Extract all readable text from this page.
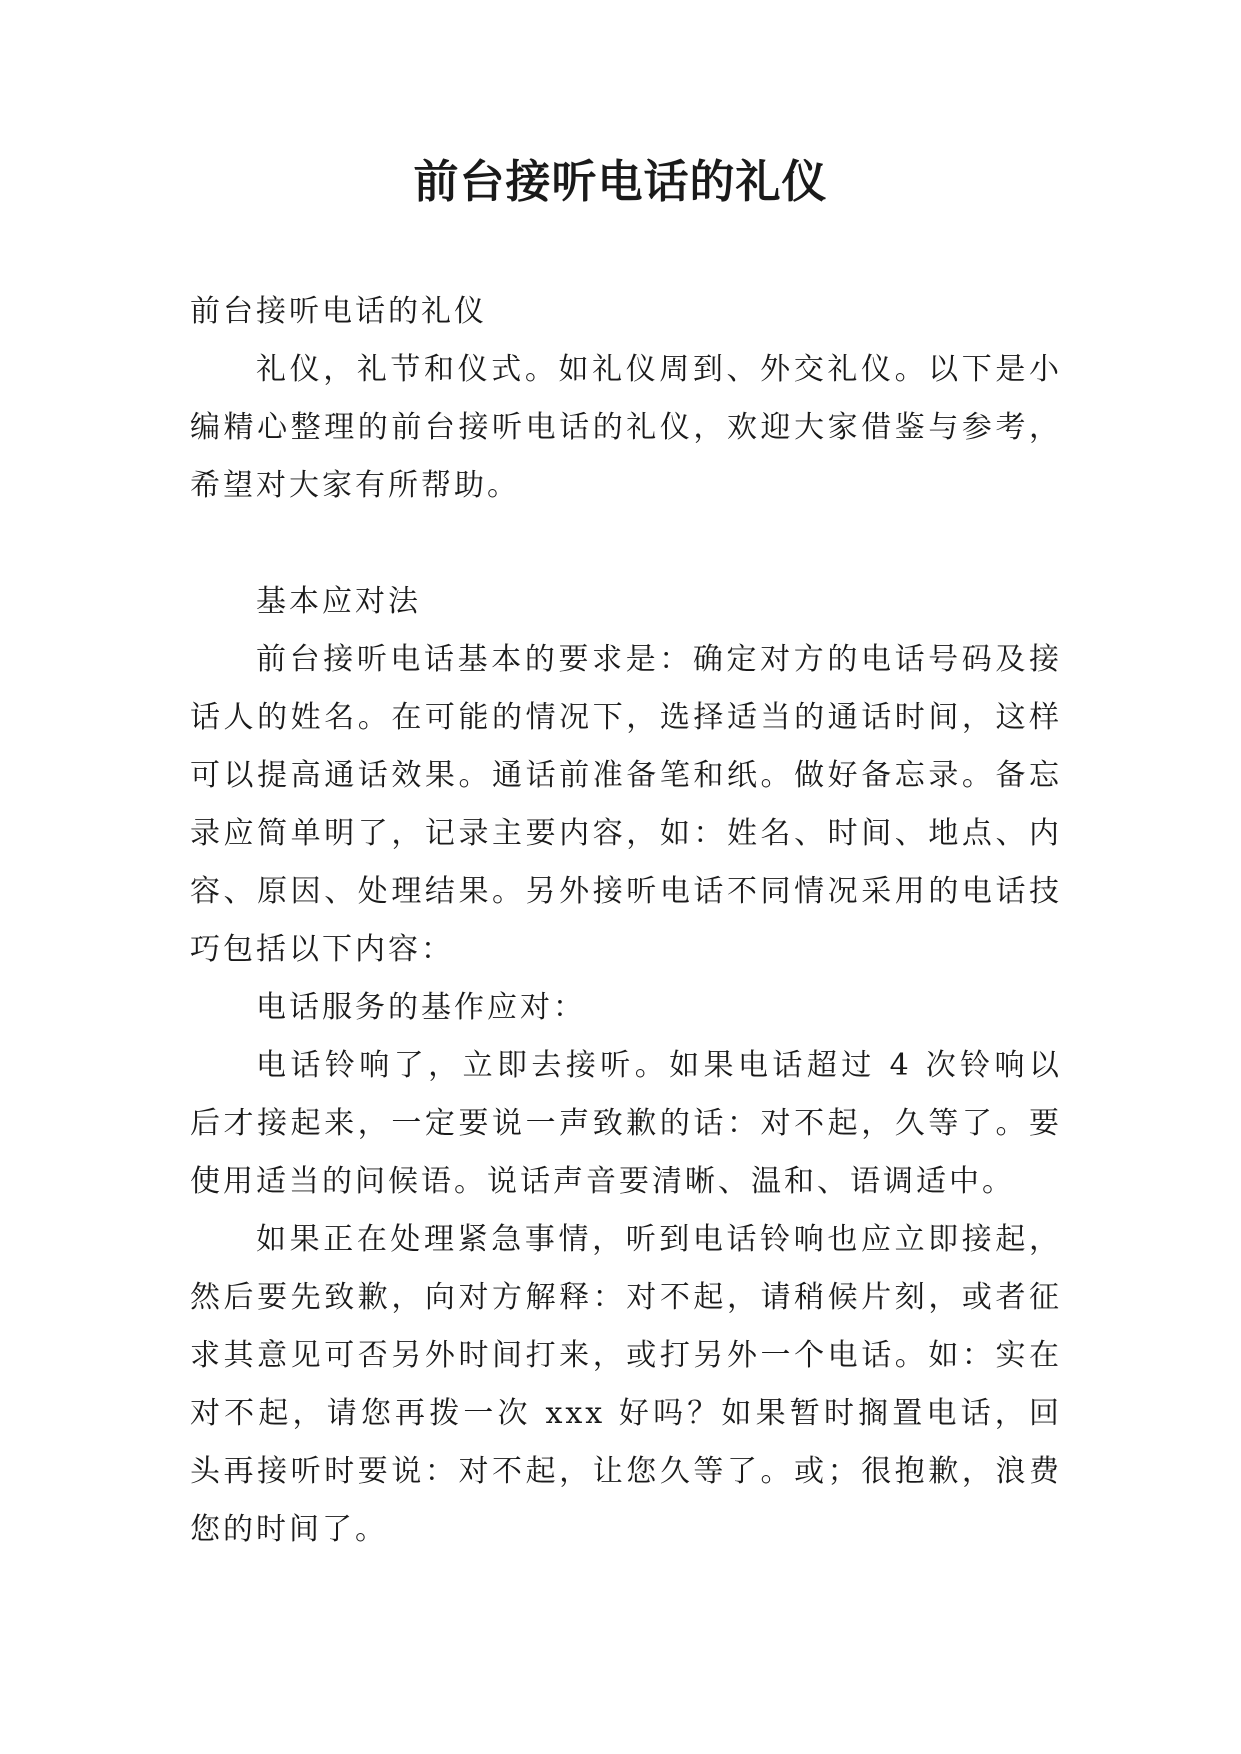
前台接听电话的礼仪

前台接听电话的礼仪

礼仪，礼节和仪式。如礼仪周到、外交礼仪。以下是小编精心整理的前台接听电话的礼仪，欢迎大家借鉴与参考，希望对大家有所帮助。

基本应对法

前台接听电话基本的要求是：确定对方的电话号码及接话人的姓名。在可能的情况下，选择适当的通话时间，这样可以提高通话效果。通话前准备笔和纸。做好备忘录。备忘录应简单明了，记录主要内容，如：姓名、时间、地点、内容、原因、处理结果。另外接听电话不同情况采用的电话技巧包括以下内容：

电话服务的基作应对：

电话铃响了，立即去接听。如果电话超过 4 次铃响以后才接起来，一定要说一声致歉的话：对不起，久等了。要使用适当的问候语。说话声音要清晰、温和、语调适中。

如果正在处理紧急事情，听到电话铃响也应立即接起，然后要先致歉，向对方解释：对不起，请稍候片刻，或者征求其意见可否另外时间打来，或打另外一个电话。如：实在对不起，请您再拨一次 xxx 好吗？如果暂时搁置电话，回头再接听时要说：对不起，让您久等了。或；很抱歉，浪费您的时间了。
